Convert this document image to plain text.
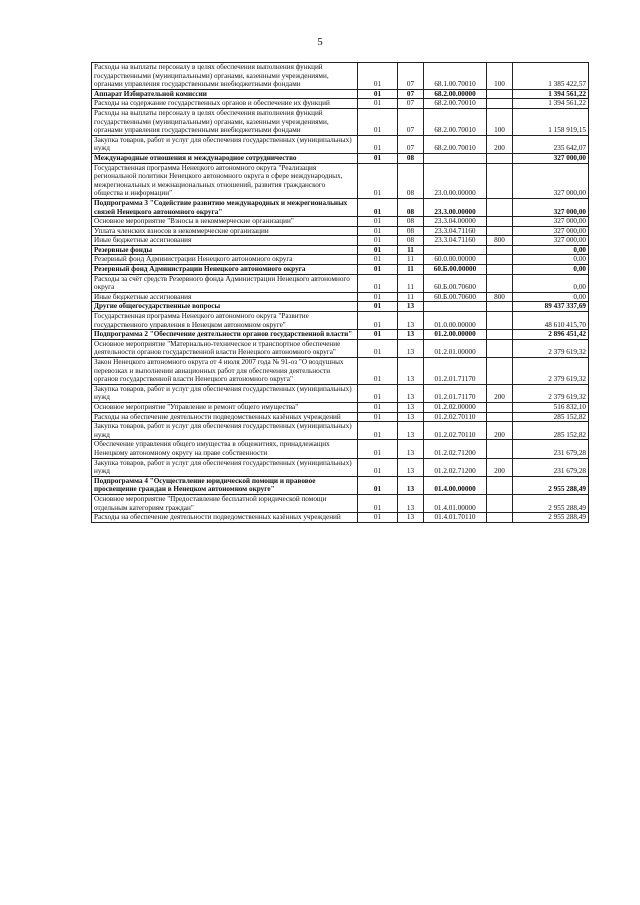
5
Расходы на выплаты персоналу в целях обеспечения выполнения функций государственными (муниципальными) органами, казенными учреждениями, органами управления государственными внебюджетными фондами	01	07	68.1.00.70010	100	1 385 422,57
Аппарат Избирательной комиссии	01	07	68.2.00.00000		1 394 561,22
Расходы на содержание государственных органов и обеспечение их функций	01	07	68.2.00.70010		1 394 561,22
Расходы на выплаты персоналу в целях обеспечения выполнения функций государственными (муниципальными) органами, казенными учреждениями, органами управления государственными внебюджетными фондами	01	07	68.2.00.70010	100	1 158 919,15
Закупка товаров, работ и услуг для обеспечения государственных (муниципальных) нужд	01	07	68.2.00.70010	200	235 642,07
Международные отношения и международное сотрудничество	01	08			327 000,00
Государственная программа Ненецкого автономного округа "Реализация региональной политики Ненецкого автономного округа в сфере международных, межрегиональных и межнациональных отношений, развития гражданского общества и информации"	01	08	23.0.00.00000		327 000,00
Подпрограмма 3 "Содействие развитию международных и межрегиональных связей Ненецкого автономного округа"	01	08	23.3.00.00000		327 000,00
Основное мероприятие "Взносы в некоммерческие организации"	01	08	23.3.04.00000		327 000,00
Уплата членских взносов в некоммерческие организации	01	08	23.3.04.71160		327 000,00
Иные бюджетные ассигнования	01	08	23.3.04.71160	800	327 000,00
Резервные фонды	01	11			0,00
Резервный фонд Администрации Ненецкого автономного округа	01	11	60.0.00.00000		0,00
Резервный фонд Администрации Ненецкого автономного округа	01	11	60.Б.00.00000		0,00
Расходы за счёт средств Резервного фонда Администрации Ненецкого автономного округа	01	11	60.Б.00.70600		0,00
Иные бюджетные ассигнования	01	11	60.Б.00.70600	800	0,00
Другие общегосударственные вопросы	01	13			89 437 337,69
Государственная программа Ненецкого автономного округа "Развитие государственного управления в Ненецком автономном округе"	01	13	01.0.00.00000		48 610 415,70
Подпрограмма 2 "Обеспечение деятельности органов государственной власти"	01	13	01.2.00.00000		2 896 451,42
Основное мероприятие "Материально-техническое и транспортное обеспечение деятельности органов государственной власти Ненецкого автономного округа"	01	13	01.2.01.00000		2 379 619,32
Закон Ненецкого автономного округа от 4 июля 2007 года № 91-оз "О воздушных перевозках и выполнении авиационных работ для обеспечения деятельности органов государственной власти Ненецкого автономного округа"	01	13	01.2.01.71170		2 379 619,32
Закупка товаров, работ и услуг для обеспечения государственных (муниципальных) нужд	01	13	01.2.01.71170	200	2 379 619,32
Основное мероприятие "Управление и ремонт общего имущества"	01	13	01.2.02.00000		516 832,10
Расходы на обеспечение деятельности подведомственных казённых учреждений	01	13	01.2.02.70110		285 152,82
Закупка товаров, работ и услуг для обеспечения государственных (муниципальных) нужд	01	13	01.2.02.70110	200	285 152,82
Обеспечение управления общего имущества в общежитиях, принадлежащих Ненецкому автономному округу на праве собственности	01	13	01.2.02.71200		231 679,28
Закупка товаров, работ и услуг для обеспечения государственных (муниципальных) нужд	01	13	01.2.02.71200	200	231 679,28
Подпрограмма 4 "Осуществление юридической помощи и правовое просвещение граждан в Ненецком автономном округе"	01	13	01.4.00.00000		2 955 288,49
Основное мероприятие "Предоставление бесплатной юридической помощи отдельным категориям граждан"	01	13	01.4.01.00000		2 955 288,49
Расходы на обеспечение деятельности подведомственных казённых учреждений	01	13	01.4.01.70110		2 955 288,49
